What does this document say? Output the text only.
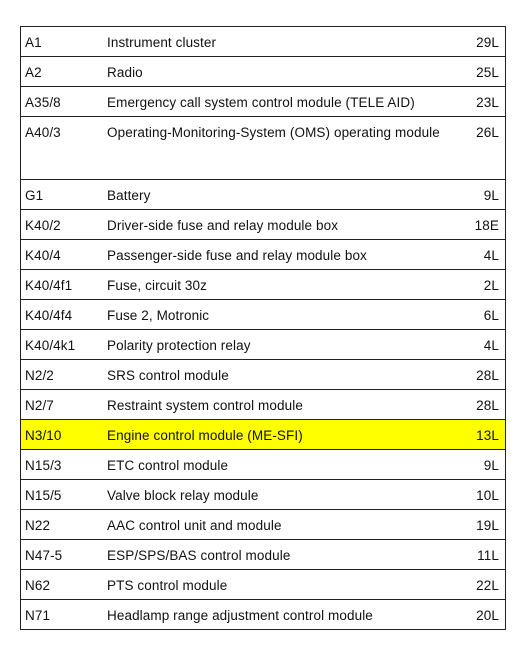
A1	Instrument cluster	29L
A2	Radio	25L
A35/8	Emergency call system control module (TELE AID)	23L
A40/3	Operating-Monitoring-System (OMS) operating module	26L
G1	Battery	9L
K40/2	Driver-side fuse and relay module box	18E
K40/4	Passenger-side fuse and relay module box	4L
K40/4f1	Fuse, circuit 30z	2L
K40/4f4	Fuse 2, Motronic	6L
K40/4k1 Polarity protection relay	4L
N2/2	SRS control module	28L
N2/7	Restraint system control module	28L
N3/10	Engine control module (ME-SFI)	13L
N15/3	ETC control module	9L
N15/5	Valve block relay module	10L
N22	AAC control unit and module	19L
N47-5	ESP/SPS/BAS control module	11L
N62	PTS control module	22L
N71	Headlamp range adjustment control module	20L
